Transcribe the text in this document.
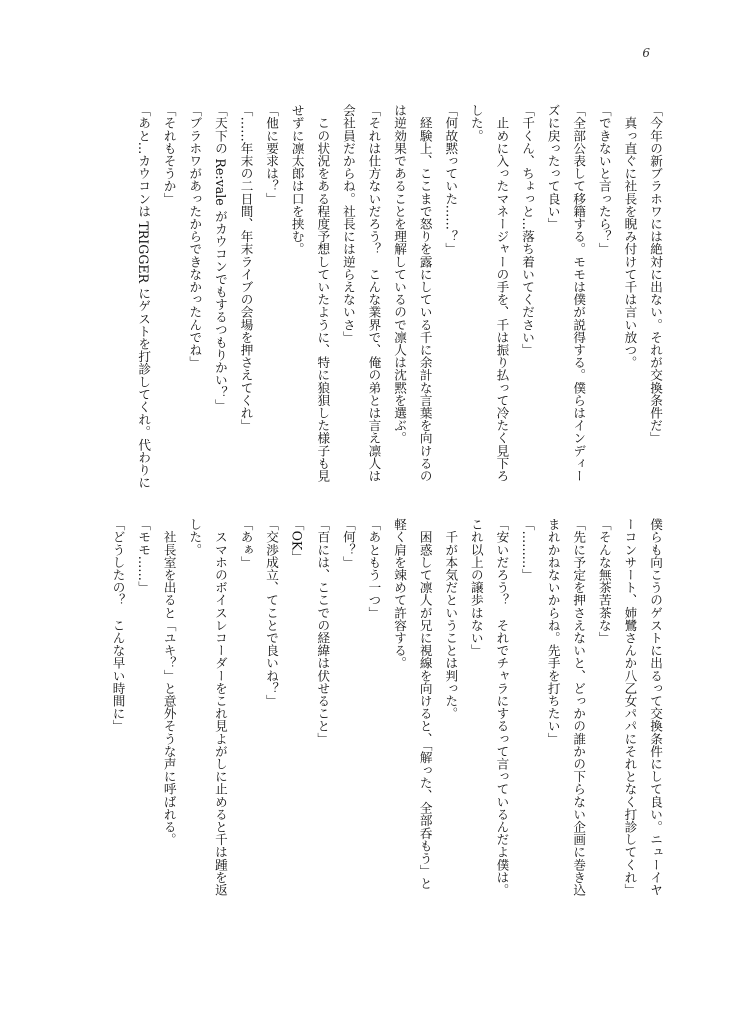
6
「今年の新ブラホワには絶対に出ない。それが交換条件だ」
　真っ直ぐに社長を睨み付けて千は言い放つ。
「できないと言ったら？」
「全部公表して移籍する。モモは僕が説得する。僕らはインディー
ズに戻ったって良い」
「千くん、ちょっと…落ち着いてください」
　止めに入ったマネージャーの手を、千は振り払って冷たく見下ろ
した。
「何故黙っていた……？」
　経験上、ここまで怒りを露にしている千に余計な言葉を向けるの
は逆効果であることを理解しているので凛人は沈黙を選ぶ。
「それは仕方ないだろう？　こんな業界で、俺の弟とは言え凛人は
会社員だからね。社長には逆らえないさ」
　この状況をある程度予想していたように、特に狼狽した様子も見
せずに凛太郎は口を挟む。
「他に要求は？」
「……年末の二日間、年末ライブの会場を押さえてくれ」
「天下の Re:vale がカウコンでもするつもりかい？」
「ブラホワがあったからできなかったんでね」
「それもそうか」
「あと…カウコンは TRIGGER にゲストを打診してくれ。代わりに
僕らも向こうのゲストに出るって交換条件にして良い。ニューイヤ
ーコンサート、姉鷺さんか八乙女パパにそれとなく打診してくれ」
「そんな無茶苦茶な」
「先に予定を押さえないと、どっかの誰かの下らない企画に巻き込
まれかねないからね。先手を打ちたい」
「………」
「安いだろう？　それでチャラにするって言っているんだよ僕は。
これ以上の譲歩はない」
　千が本気だということは判った。
　困惑して凛人が兄に視線を向けると、「解った、全部呑もう」と
軽く肩を竦めて許容する。
「あともう一つ」
「何？」
「百には、ここでの経緯は伏せること」
「OK」
「交渉成立、てことで良いね？」
「あぁ」
　スマホのボイスレコーダーをこれ見よがしに止めると千は踵を返
した。
　社長室を出ると「ユキ？」と意外そうな声に呼ばれる。
「モモ……」
「どうしたの？　こんな早い時間に」
